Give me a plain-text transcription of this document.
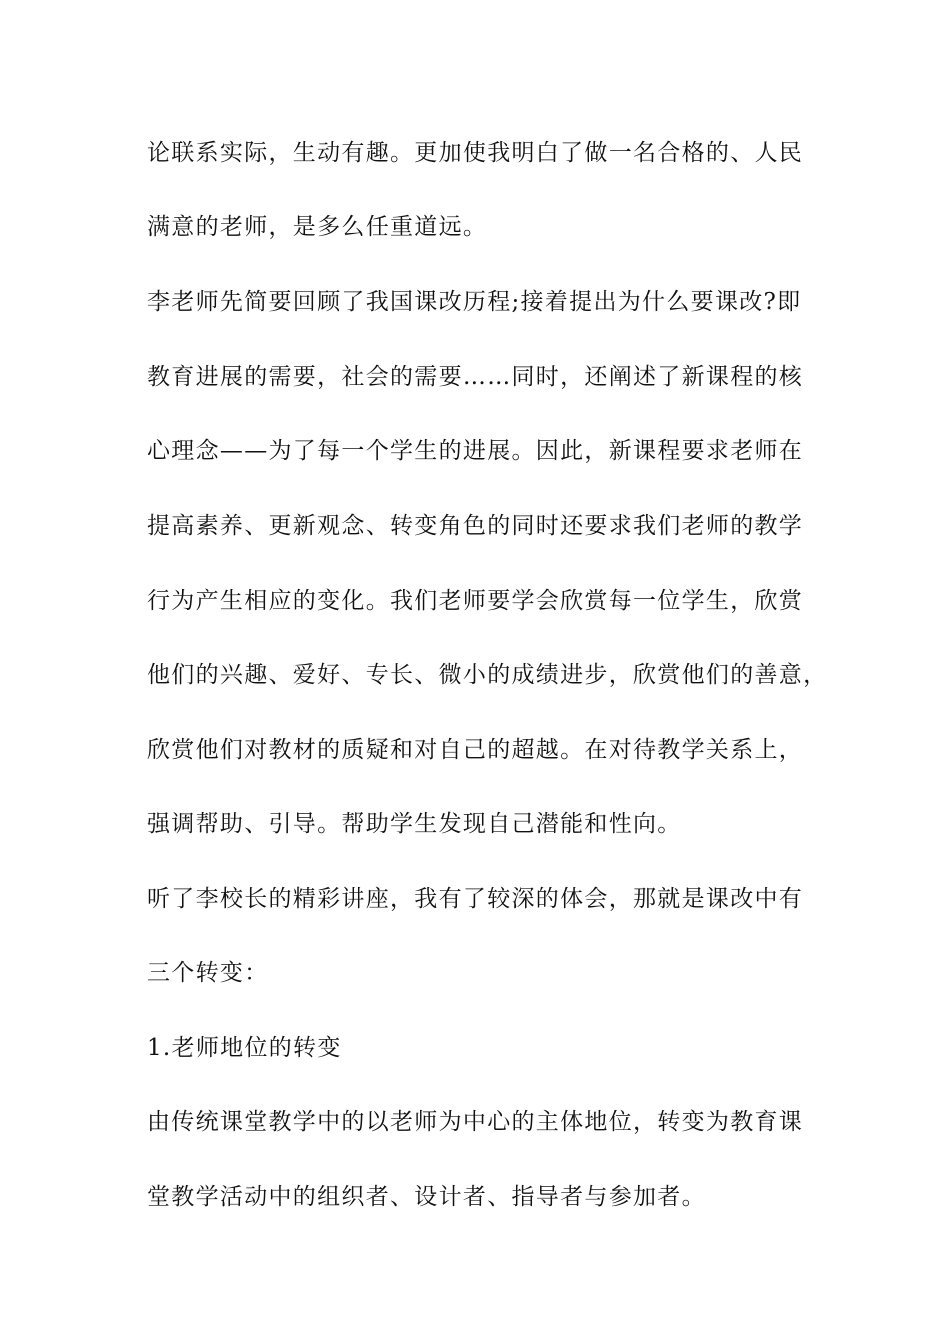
论联系实际，生动有趣。更加使我明白了做一名合格的、人民
满意的老师，是多么任重道远。
李老师先简要回顾了我国课改历程;接着提出为什么要课改?即
教育进展的需要，社会的需要……同时，还阐述了新课程的核
心理念——为了每一个学生的进展。因此，新课程要求老师在
提高素养、更新观念、转变角色的同时还要求我们老师的教学
行为产生相应的变化。我们老师要学会欣赏每一位学生，欣赏
他们的兴趣、爱好、专长、微小的成绩进步，欣赏他们的善意，
欣赏他们对教材的质疑和对自己的超越。在对待教学关系上，
强调帮助、引导。帮助学生发现自己潜能和性向。
听了李校长的精彩讲座，我有了较深的体会，那就是课改中有
三个转变：
1.老师地位的转变
由传统课堂教学中的以老师为中心的主体地位，转变为教育课
堂教学活动中的组织者、设计者、指导者与参加者。
